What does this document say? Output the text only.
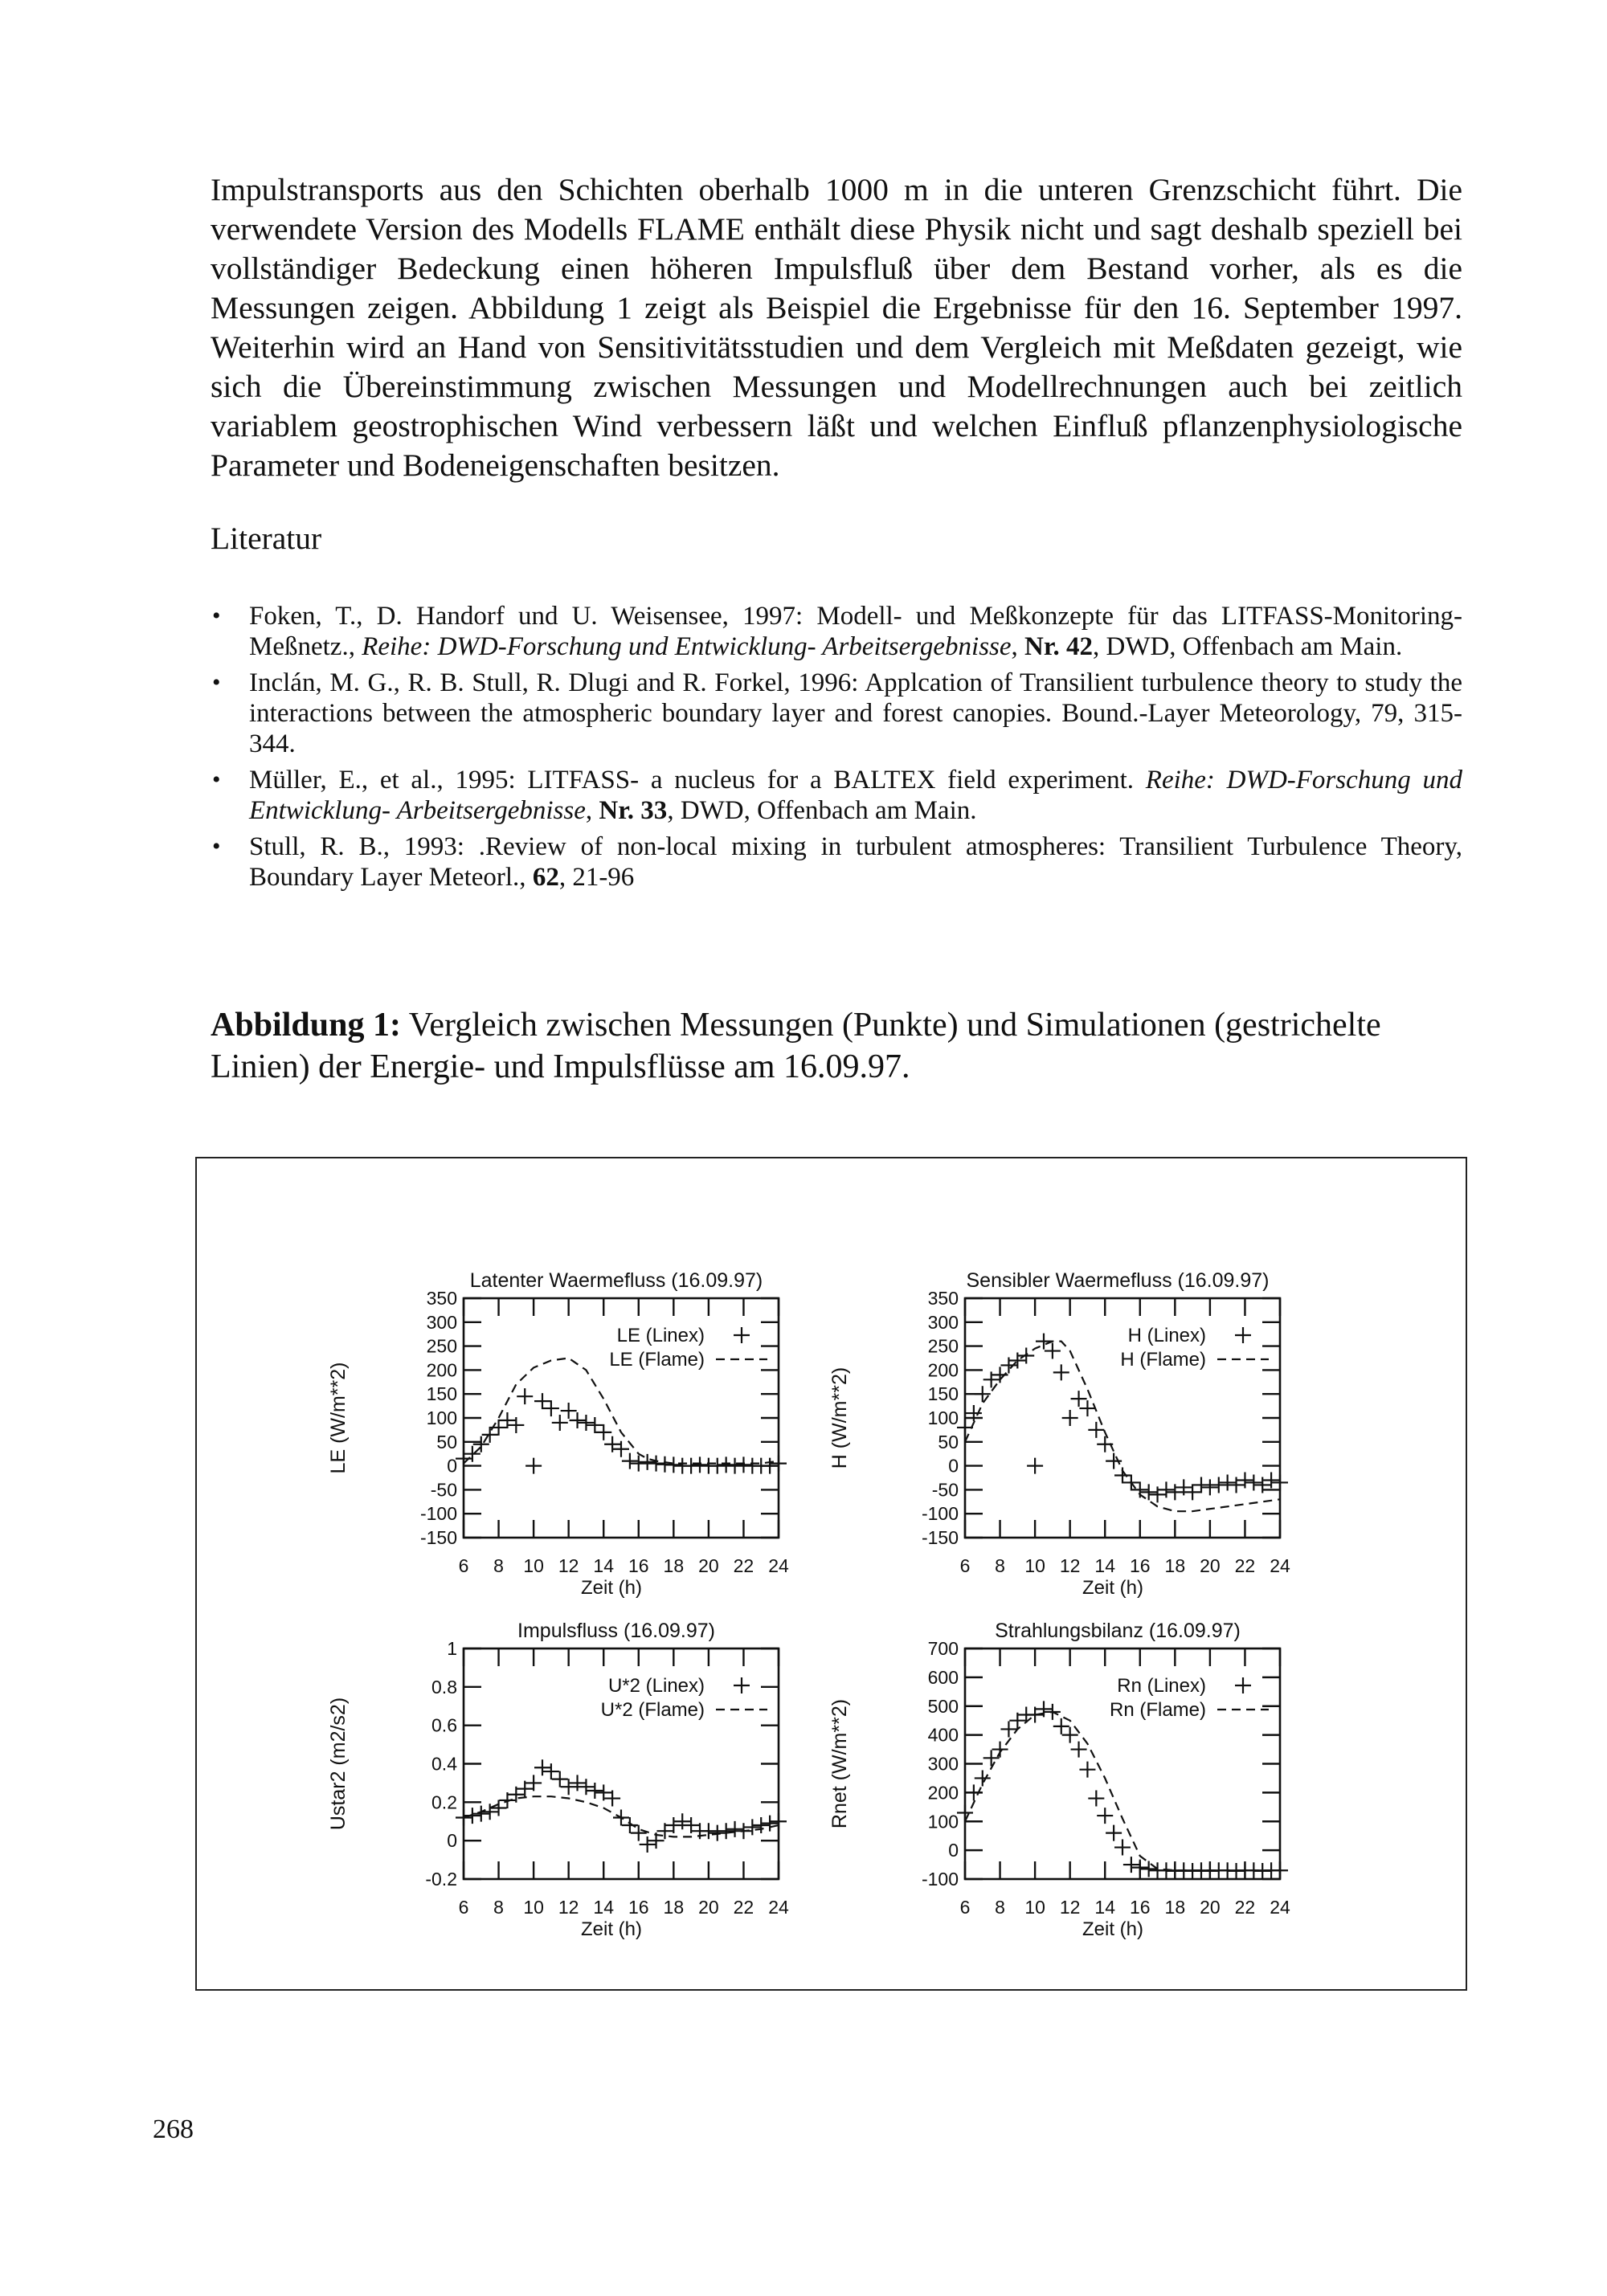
Impulstransports aus den Schichten oberhalb 1000 m in die unteren Grenzschicht führt. Die verwendete Version des Modells FLAME enthält diese Physik nicht und sagt deshalb speziell bei vollständiger Bedeckung einen höheren Impulsfluß über dem Bestand vorher, als es die Messungen zeigen. Abbildung 1 zeigt als Beispiel die Ergebnisse für den 16. September 1997. Weiterhin wird an Hand von Sensitivitätsstudien und dem Vergleich mit Meßdaten gezeigt, wie sich die Übereinstimmung zwischen Messungen und Modellrechnungen auch bei zeitlich variablem geostrophischen Wind verbessern läßt und welchen Einfluß pflanzenphysiologische Parameter und Bodeneigenschaften besitzen.

Literatur
• Foken, T., D. Handorf und U. Weisensee, 1997: Modell- und Meßkonzepte für das LITFASS-Monitoring-Meßnetz., Reihe: DWD-Forschung und Entwicklung- Arbeitsergebnisse, Nr. 42, DWD, Offenbach am Main.
• Inclán, M. G., R. B. Stull, R. Dlugi and R. Forkel, 1996: Applcation of Transilient turbulence theory to study the interactions between the atmospheric boundary layer and forest canopies. Bound.-Layer Meteorology, 79, 315-344.
• Müller, E., et al., 1995: LITFASS- a nucleus for a BALTEX field experiment. Reihe: DWD-Forschung und Entwicklung- Arbeitsergebnisse, Nr. 33, DWD, Offenbach am Main.
• Stull, R. B., 1993: .Review of non-local mixing in turbulent atmospheres: Transilient Turbulence Theory, Boundary Layer Meteorl., 62, 21-96

Abbildung 1: Vergleich zwischen Messungen (Punkte) und Simulationen (gestrichelte Linien) der Energie- und Impulsflüsse am 16.09.97.

Latenter Waermefluss (16.09.97)
LE (W/m**2)
Zeit (h)
-150
-100
-50
0
50
100
150
200
250
300
350
6 8 10 12 14 16 18 20 22 24
LE (Linex)
LE (Flame)
Sensibler Waermefluss (16.09.97)
H (W/m**2)
Zeit (h)
-150
-100
-50
0
50
100
150
200
250
300
350
6 8 10 12 14 16 18 20 22 24
H (Linex)
H (Flame)
Impulsfluss (16.09.97)
Ustar2 (m2/s2)
Zeit (h)
-0.2
0
0.2
0.4
0.6
0.8
1
6 8 10 12 14 16 18 20 22 24
U*2 (Linex)
U*2 (Flame)
Strahlungsbilanz (16.09.97)
Rnet (W/m**2)
Zeit (h)
-100
0
100
200
300
400
500
600
700
6 8 10 12 14 16 18 20 22 24
Rn (Linex)
Rn (Flame)

268
